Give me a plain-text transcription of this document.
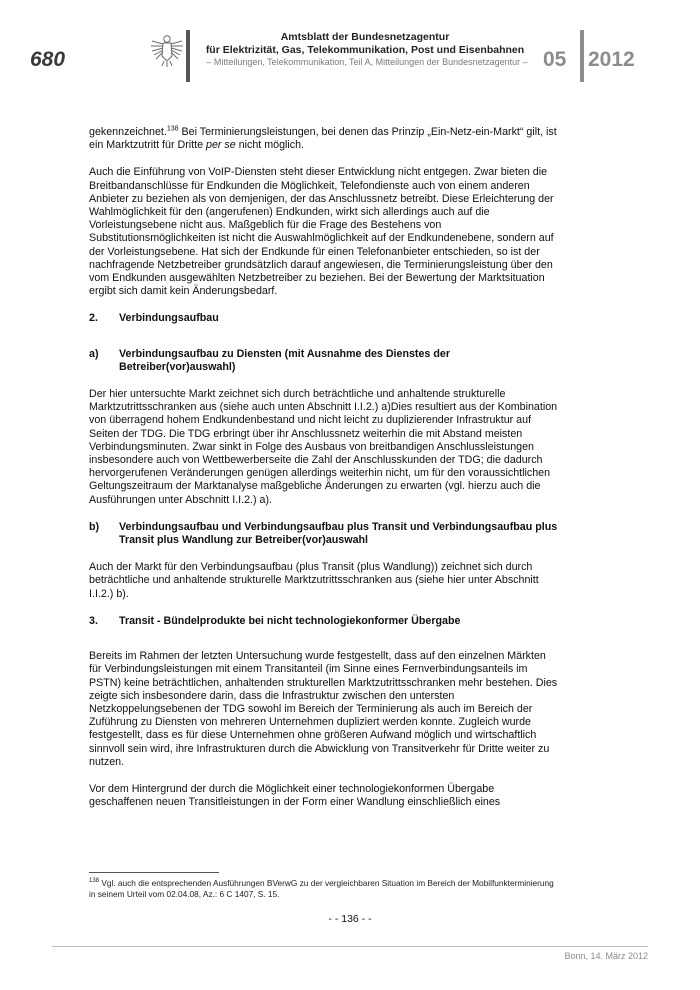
680
Amtsblatt der Bundesnetzagentur
für Elektrizität, Gas, Telekommunikation, Post und Eisenbahnen
– Mitteilungen, Telekommunikation, Teil A, Mitteilungen der Bundesnetzagentur – 05 2012

gekennzeichnet.$^{138}$ Bei Terminierungsleistungen, bei denen das Prinzip „Ein-Netz-ein-Markt“ gilt, ist ein Marktzutritt für Dritte per se nicht möglich.

Auch die Einführung von VoIP-Diensten steht dieser Entwicklung nicht entgegen. Zwar bieten die Breitbandanschlüsse für Endkunden die Möglichkeit, Telefondienste auch von einem anderen Anbieter zu beziehen als von demjenigen, der das Anschlussnetz betreibt. Diese Erleichterung der Wahlmöglichkeit für den (angerufenen) Endkunden, wirkt sich allerdings auch auf die Vorleistungsebene nicht aus. Maßgeblich für die Frage des Bestehens von Substitutionsmöglichkeiten ist nicht die Auswahlmöglichkeit auf der Endkundenebene, sondern auf der Vorleistungsebene. Hat sich der Endkunde für einen Telefonanbieter entschieden, so ist der nachfragende Netzbetreiber grundsätzlich darauf angewiesen, die Terminierungsleistung über den vom Endkunden ausgewählten Netzbetreiber zu beziehen. Bei der Bewertung der Marktsituation ergibt sich damit kein Änderungsbedarf.

2.	Verbindungsaufbau
a)	Verbindungsaufbau zu Diensten (mit Ausnahme des Dienstes der Betreiber(vor)auswahl)

Der hier untersuchte Markt zeichnet sich durch beträchtliche und anhaltende strukturelle Marktzutrittsschranken aus (siehe auch unten Abschnitt I.I.2.) a)Dies resultiert aus der Kombination von überragend hohem Endkundenbestand und nicht leicht zu duplizierender Infrastruktur auf Seiten der TDG. Die TDG erbringt über ihr Anschlussnetz weiterhin die mit Abstand meisten Verbindungsminuten. Zwar sinkt in Folge des Ausbaus von breitbandigen Anschlussleistungen insbesondere auch von Wettbewerberseite die Zahl der Anschlusskunden der TDG; die dadurch hervorgerufenen Veränderungen genügen allerdings weiterhin nicht, um für den voraussichtlichen Geltungszeitraum der Marktanalyse maßgebliche Änderungen zu erwarten (vgl. hierzu auch die Ausführungen unter Abschnitt I.I.2.) a).

b)	Verbindungsaufbau und Verbindungsaufbau plus Transit und Verbindungsaufbau plus Transit plus Wandlung zur Betreiber(vor)auswahl

Auch der Markt für den Verbindungsaufbau (plus Transit (plus Wandlung)) zeichnet sich durch beträchtliche und anhaltende strukturelle Marktzutrittsschranken aus (siehe hier unter Abschnitt I.I.2.) b).

3.	Transit - Bündelprodukte bei nicht technologiekonformer Übergabe

Bereits im Rahmen der letzten Untersuchung wurde festgestellt, dass auf den einzelnen Märkten für Verbindungsleistungen mit einem Transitanteil (im Sinne eines Fernverbindungsanteils im PSTN) keine beträchtlichen, anhaltenden strukturellen Marktzutrittsschranken mehr bestehen. Dies zeigte sich insbesondere darin, dass die Infrastruktur zwischen den untersten Netzkoppelungsebenen der TDG sowohl im Bereich der Terminierung als auch im Bereich der Zuführung zu Diensten von mehreren Unternehmen dupliziert werden konnte. Zugleich wurde festgestellt, dass es für diese Unternehmen ohne größeren Aufwand möglich und wirtschaftlich sinnvoll sein wird, ihre Infrastrukturen durch die Abwicklung von Transitverkehr für Dritte weiter zu nutzen.

Vor dem Hintergrund der durch die Möglichkeit einer technologiekonformen Übergabe geschaffenen neuen Transitleistungen in der Form einer Wandlung einschließlich eines

$^{138}$ Vgl. auch die entsprechenden Ausführungen BVerwG zu der vergleichbaren Situation im Bereich der Mobilfunkterminierung in seinem Urteil vom 02.04.08, Az.: 6 C 1407, S. 15.
- - 136 - -
Bonn, 14. März 2012
